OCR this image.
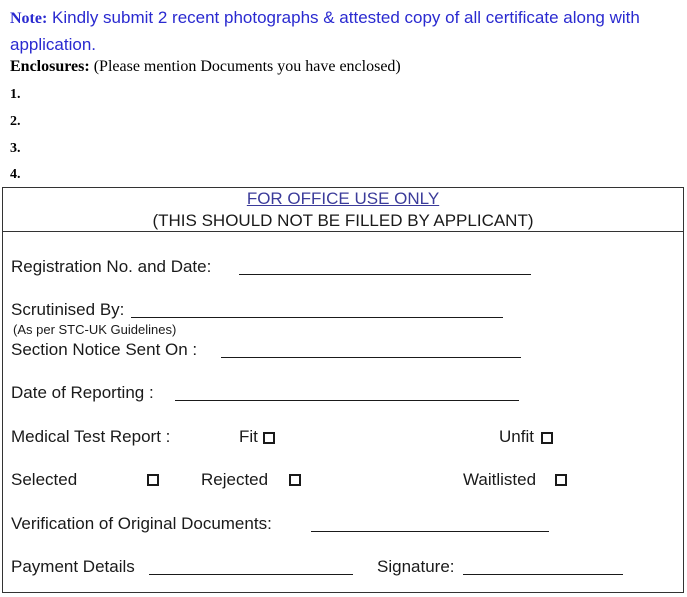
Note: Kindly submit 2 recent photographs & attested copy of all certificate along with application.
Enclosures: (Please mention Documents you have enclosed)
1.
2.
3.
4.
FOR OFFICE USE ONLY
(THIS SHOULD NOT BE FILLED BY APPLICANT)
Registration No. and Date:
Scrutinised By:
(As per STC-UK Guidelines)
Section Notice Sent On :
Date of Reporting :
Medical Test Report :	Fit	Unfit
Selected	Rejected	Waitlisted
Verification of Original Documents:
Payment Details	Signature:
